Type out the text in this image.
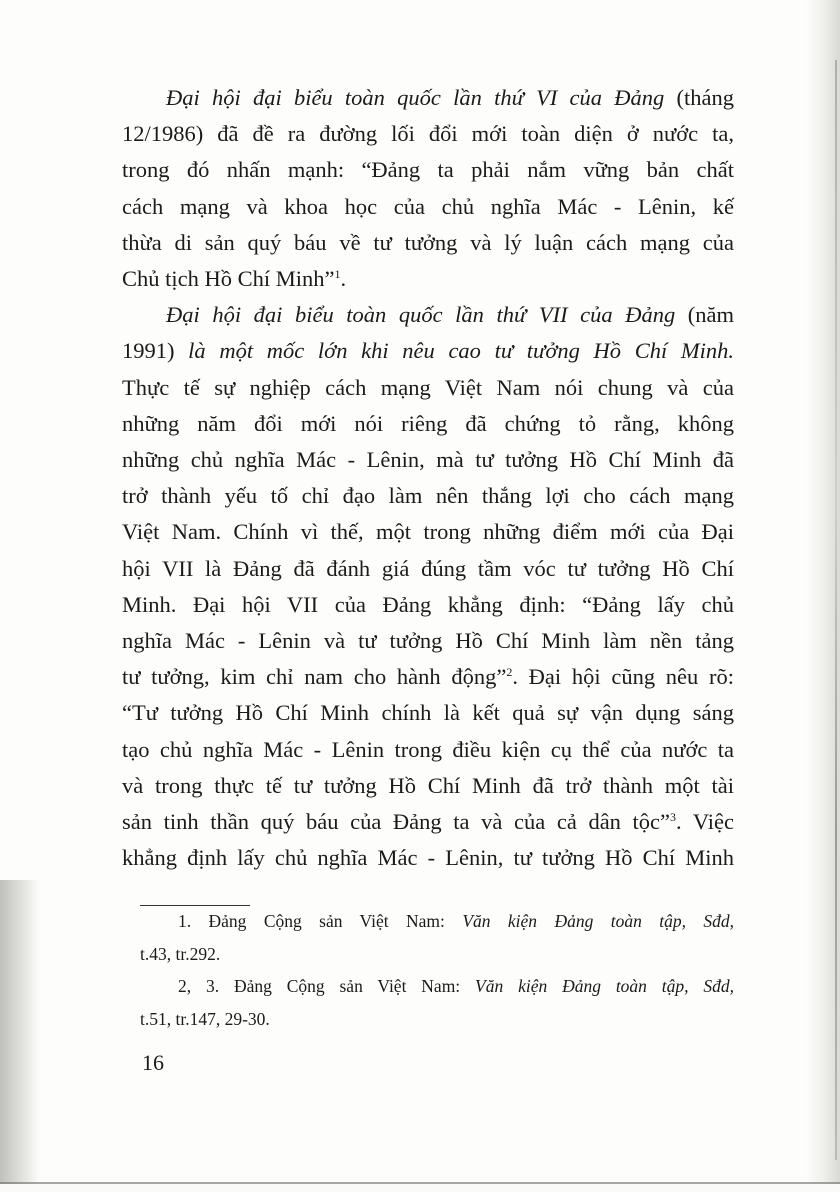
Đại hội đại biểu toàn quốc lần thứ VI của Đảng (tháng
12/1986) đã đề ra đường lối đổi mới toàn diện ở nước ta,
trong đó nhấn mạnh: “Đảng ta phải nắm vững bản chất
cách mạng và khoa học của chủ nghĩa Mác - Lênin, kế
thừa di sản quý báu về tư tưởng và lý luận cách mạng của
Chủ tịch Hồ Chí Minh”$^1$.
Đại hội đại biểu toàn quốc lần thứ VII của Đảng (năm
1991) là một mốc lớn khi nêu cao tư tưởng Hồ Chí Minh.
Thực tế sự nghiệp cách mạng Việt Nam nói chung và của
những năm đổi mới nói riêng đã chứng tỏ rằng, không
những chủ nghĩa Mác - Lênin, mà tư tưởng Hồ Chí Minh đã
trở thành yếu tố chỉ đạo làm nên thắng lợi cho cách mạng
Việt Nam. Chính vì thế, một trong những điểm mới của Đại
hội VII là Đảng đã đánh giá đúng tầm vóc tư tưởng Hồ Chí
Minh. Đại hội VII của Đảng khẳng định: “Đảng lấy chủ
nghĩa Mác - Lênin và tư tưởng Hồ Chí Minh làm nền tảng
tư tưởng, kim chỉ nam cho hành động”$^2$. Đại hội cũng nêu rõ:
“Tư tưởng Hồ Chí Minh chính là kết quả sự vận dụng sáng
tạo chủ nghĩa Mác - Lênin trong điều kiện cụ thể của nước ta
và trong thực tế tư tưởng Hồ Chí Minh đã trở thành một tài
sản tinh thần quý báu của Đảng ta và của cả dân tộc”$^3$. Việc
khẳng định lấy chủ nghĩa Mác - Lênin, tư tưởng Hồ Chí Minh
1. Đảng Cộng sản Việt Nam: Văn kiện Đảng toàn tập, Sđd,
t.43, tr.292.
2, 3. Đảng Cộng sản Việt Nam: Văn kiện Đảng toàn tập, Sđd,
t.51, tr.147, 29-30.
16
